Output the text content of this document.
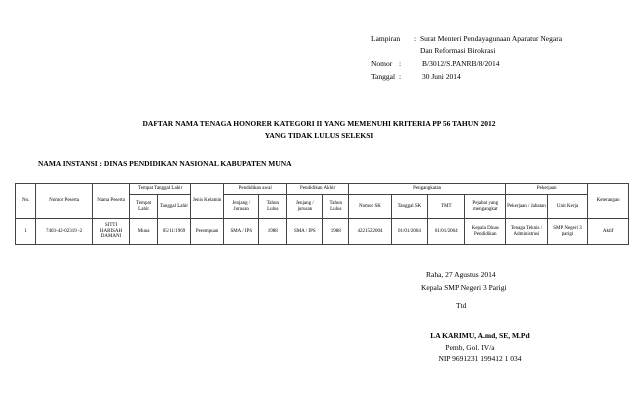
Lampiran : Surat Menteri Pendayagunaan Aparatur Negara
Dan Reformasi Birokrasi
Nomor :	B/3012/S.PANRB/8/2014
Tanggal :	30 Juni 2014
DAFTAR NAMA TENAGA HONORER KATEGORI II YANG MEMENUHI KRITERIA PP 56 TAHUN 2012
YANG TIDAK LULUS SELEKSI
NAMA INSTANSI : DINAS PENDIDIKAN NASIONAL KABUPATEN MUNA
No.	Nomor Peserta	Nama Peserta	Tempat Tanggal Lahir		Jenis Kelamin	Pendidikan awal		Pendidikan Akhir		Pengangkatan				Pekerjaan		Keterangan
			Tempat Lahir	Tanggal Lahir		Jenjang / Jurusan	Tahun Lulus	Jenjang / jurusan	Tahun Lulus	Nomor SK	Tanggal SK	TMT	Pejabat yang mengangkat	Pekerjaan / Jabatan	Unit Kerja	
1	7403-42-02319 -2	SITTI HARISAH DAMANI	Muna	05/11/1969	Perempuan	SMA / IPS	1988	SMA / IPS	1988	4221522004	01/01/2004	01/01/2004	Kepala Dinas Pendidikan	Tenaga Teknis / Administrasi	SMP Negeri 3 parigi	Aktif
Raha, 27 Agustus 2014
Kepala SMP Negeri 3 Parigi
Ttd
LA KARIMU, A.md, SE, M.Pd
Pemb, Gol. IV/a
NIP 9691231 199412 1 034
